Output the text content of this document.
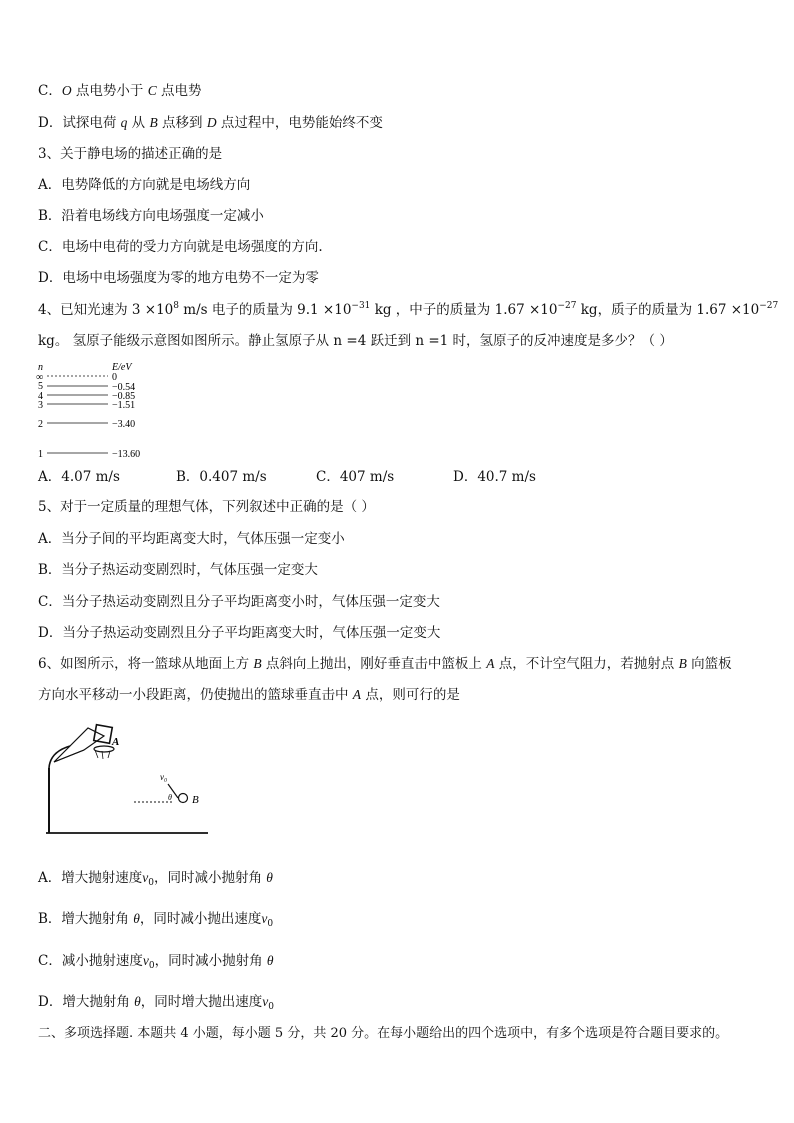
C．O 点电势小于 C 点电势
D．试探电荷 q 从 B 点移到 D 点过程中，电势能始终不变
3、关于静电场的描述正确的是
A．电势降低的方向就是电场线方向
B．沿着电场线方向电场强度一定减小
C．电场中电荷的受力方向就是电场强度的方向.
D．电场中电场强度为零的地方电势不一定为零
4、已知光速为 $3 \times 10^8$ m/s 电子的质量为 $9.1 \times 10^{-31}$ kg ，中子的质量为 $1.67 \times 10^{-27}$ kg，质子的质量为 $1.67 \times 10^{-27}$
kg。 氢原子能级示意图如图所示。静止氢原子从 n =4 跃迁到 n =1 时，氢原子的反冲速度是多少？（ ）
n	E/eV
∞	0
5	−0.54
4	−0.85
3	−1.51
2	−3.40
1	−13.60
A．4.07 m/s	B．0.407 m/s	C．407 m/s	D．40.7 m/s
5、对于一定质量的理想气体，下列叙述中正确的是（ ）
A．当分子间的平均距离变大时，气体压强一定变小
B．当分子热运动变剧烈时，气体压强一定变大
C．当分子热运动变剧烈且分子平均距离变小时，气体压强一定变大
D．当分子热运动变剧烈且分子平均距离变大时，气体压强一定变大
6、如图所示，将一篮球从地面上方 B 点斜向上抛出，刚好垂直击中篮板上 A 点，不计空气阻力，若抛射点 B 向篮板
方向水平移动一小段距离，仍使抛出的篮球垂直击中 A 点，则可行的是
A
v₀
θ B
A．增大抛射速度$v_0$，同时减小抛射角 θ
B．增大抛射角 θ，同时减小抛出速度$v_0$
C．减小抛射速度$v_0$，同时减小抛射角 θ
D．增大抛射角 θ，同时增大抛出速度$v_0$
二、多项选择题. 本题共 4 小题，每小题 5 分，共 20 分。在每小题给出的四个选项中，有多个选项是符合题目要求的。
